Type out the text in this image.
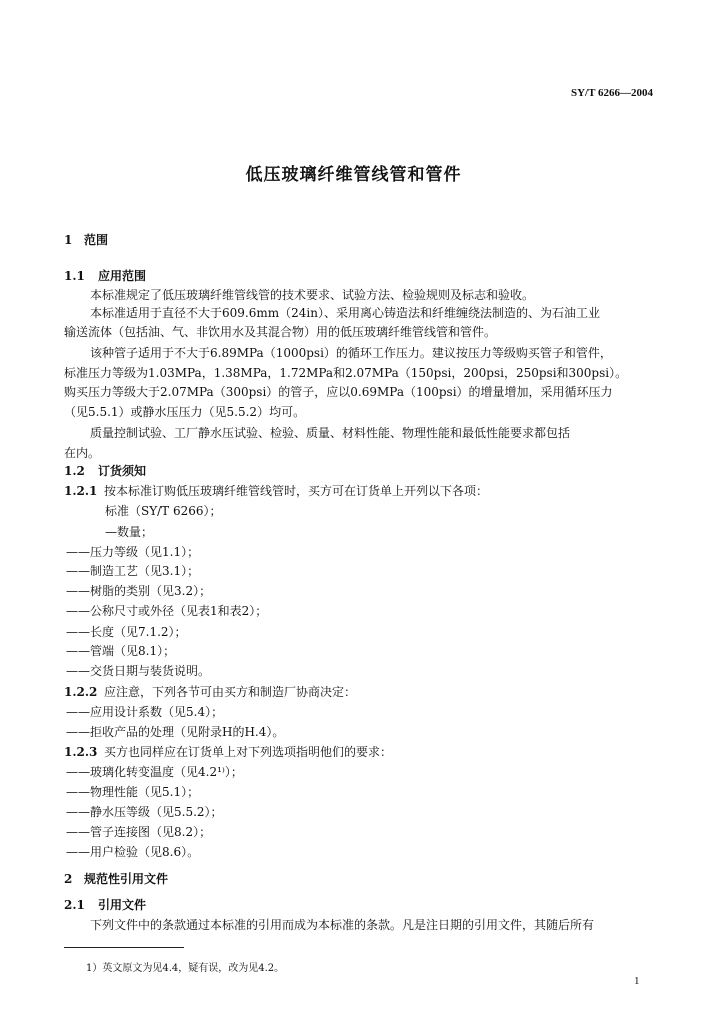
SY/T 6266—2004
低压玻璃纤维管线管和管件
1 范围
1.1 应用范围
本标准规定了低压玻璃纤维管线管的技术要求、试验方法、检验规则及标志和验收。
本标准适用于直径不大于609.6mm（24in）、采用离心铸造法和纤维缠绕法制造的、为石油工业
输送流体（包括油、气、非饮用水及其混合物）用的低压玻璃纤维管线管和管件。
该种管子适用于不大于6.89MPa（1000psi）的循环工作压力。建议按压力等级购买管子和管件，
标准压力等级为1.03MPa，1.38MPa，1.72MPa和2.07MPa（150psi，200psi，250psi和300psi）。
购买压力等级大于2.07MPa（300psi）的管子，应以0.69MPa（100psi）的增量增加，采用循环压力
（见5.5.1）或静水压压力（见5.5.2）均可。
质量控制试验、工厂静水压试验、检验、质量、材料性能、物理性能和最低性能要求都包括
在内。
1.2 订货须知
1.2.1 按本标准订购低压玻璃纤维管线管时，买方可在订货单上开列以下各项：
标准（SY/T 6266）；
—数量；
——压力等级（见1.1）；
——制造工艺（见3.1）；
——树脂的类别（见3.2）；
——公称尺寸或外径（见表1和表2）；
——长度（见7.1.2）；
——管端（见8.1）；
——交货日期与装货说明。
1.2.2 应注意，下列各节可由买方和制造厂协商决定：
——应用设计系数（见5.4）；
——拒收产品的处理（见附录H的H.4）。
1.2.3 买方也同样应在订货单上对下列选项指明他们的要求：
——玻璃化转变温度（见4.2¹⁾）；
——物理性能（见5.1）；
——静水压等级（见5.5.2）；
——管子连接图（见8.2）；
——用户检验（见8.6）。
2 规范性引用文件
2.1 引用文件
下列文件中的条款通过本标准的引用而成为本标准的条款。凡是注日期的引用文件，其随后所有
1）英文原文为见4.4，疑有误，改为见4.2。
1
